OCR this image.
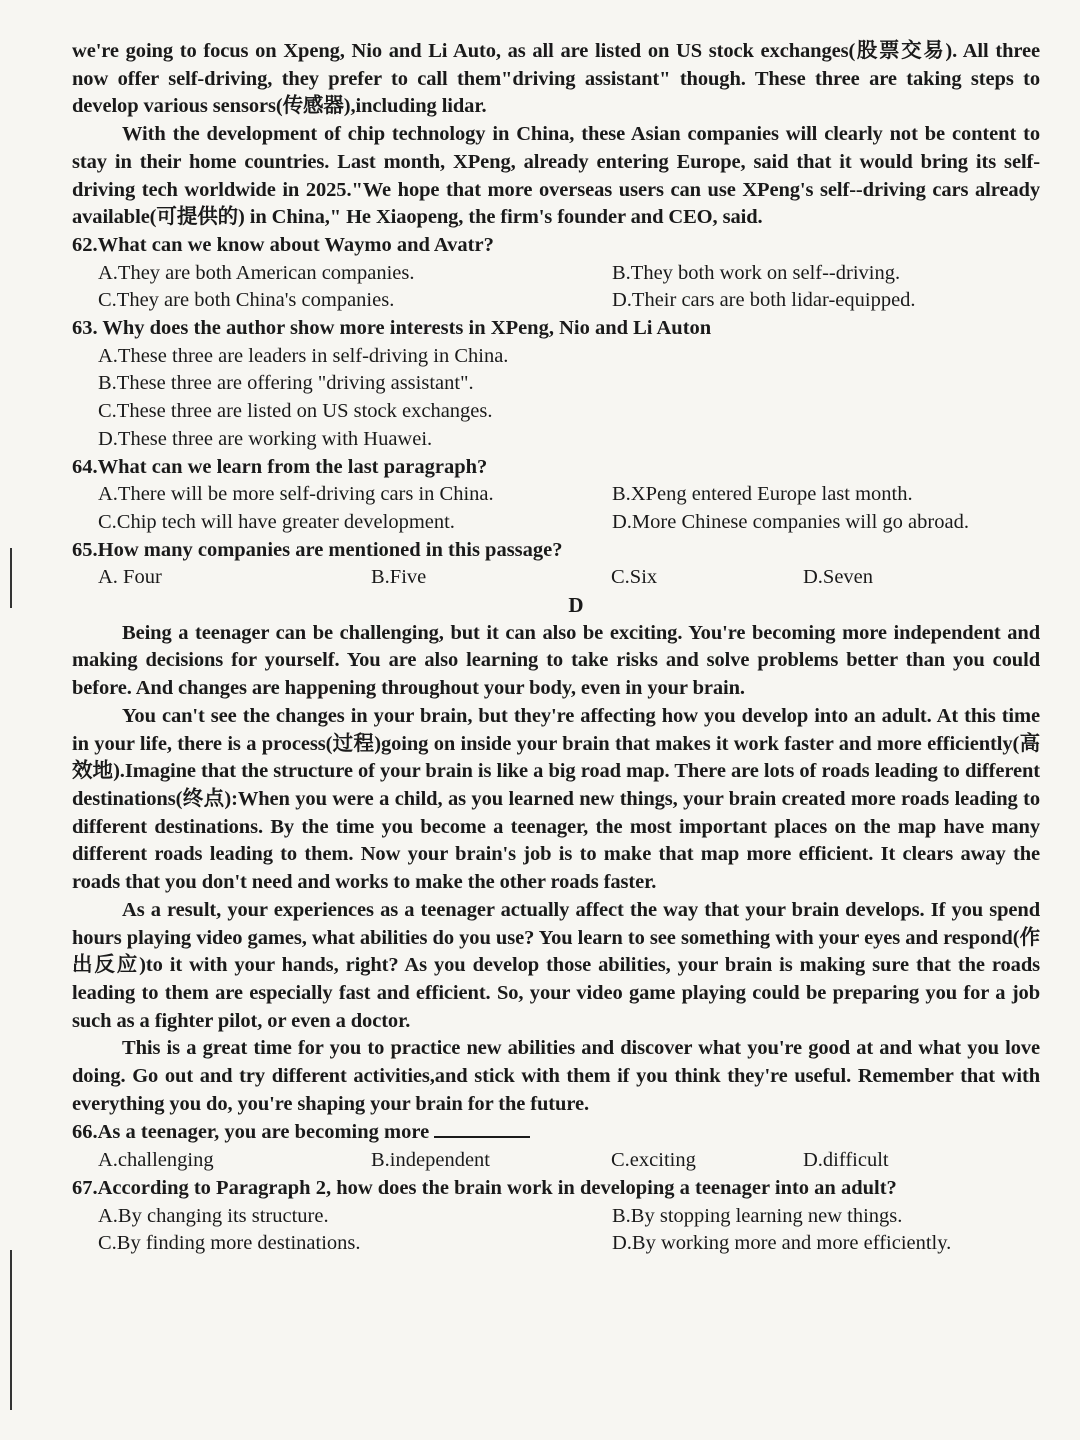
we're going to focus on Xpeng, Nio and Li Auto, as all are listed on US stock exchanges(股票交易). All three now offer self-driving, they prefer to call them"driving assistant" though. These three are taking steps to develop various sensors(传感器),including lidar.

With the development of chip technology in China, these Asian companies will clearly not be content to stay in their home countries. Last month, XPeng, already entering Europe, said that it would bring its self-driving tech worldwide in 2025."We hope that more overseas users can use XPeng's self--driving cars already available(可提供的) in China," He Xiaopeng, the firm's founder and CEO, said.

62.What can we know about Waymo and Avatr?

A.They are both American companies.	B.They both work on self--driving.
C.They are both China's companies.	D.Their cars are both lidar-equipped.

63. Why does the author show more interests in XPeng, Nio and Li Auton

A.These three are leaders in self-driving in China.
B.These three are offering "driving assistant".
C.These three are listed on US stock exchanges.
D.These three are working with Huawei.

64.What can we learn from the last paragraph?

A.There will be more self-driving cars in China.	B.XPeng entered Europe last month.
C.Chip tech will have greater development.	D.More Chinese companies will go abroad.

65.How many companies are mentioned in this passage?

A. Four	B.Five	C.Six	D.Seven

D

Being a teenager can be challenging, but it can also be exciting. You're becoming more independent and making decisions for yourself. You are also learning to take risks and solve problems better than you could before. And changes are happening throughout your body, even in your brain.

You can't see the changes in your brain, but they're affecting how you develop into an adult. At this time in your life, there is a process(过程)going on inside your brain that makes it work faster and more efficiently(高效地).Imagine that the structure of your brain is like a big road map. There are lots of roads leading to different destinations(终点):When you were a child, as you learned new things, your brain created more roads leading to different destinations. By the time you become a teenager, the most important places on the map have many different roads leading to them. Now your brain's job is to make that map more efficient. It clears away the roads that you don't need and works to make the other roads faster.

As a result, your experiences as a teenager actually affect the way that your brain develops. If you spend hours playing video games, what abilities do you use? You learn to see something with your eyes and respond(作出反应)to it with your hands, right? As you develop those abilities, your brain is making sure that the roads leading to them are especially fast and efficient. So, your video game playing could be preparing you for a job such as a fighter pilot, or even a doctor.

This is a great time for you to practice new abilities and discover what you're good at and what you love doing. Go out and try different activities,and stick with them if you think they're useful. Remember that with everything you do, you're shaping your brain for the future.

66.As a teenager, you are becoming more

A.challenging	B.independent	C.exciting	D.difficult

67.According to Paragraph 2, how does the brain work in developing a teenager into an adult?

A.By changing its structure.	B.By stopping learning new things.
C.By finding more destinations.	D.By working more and more efficiently.
